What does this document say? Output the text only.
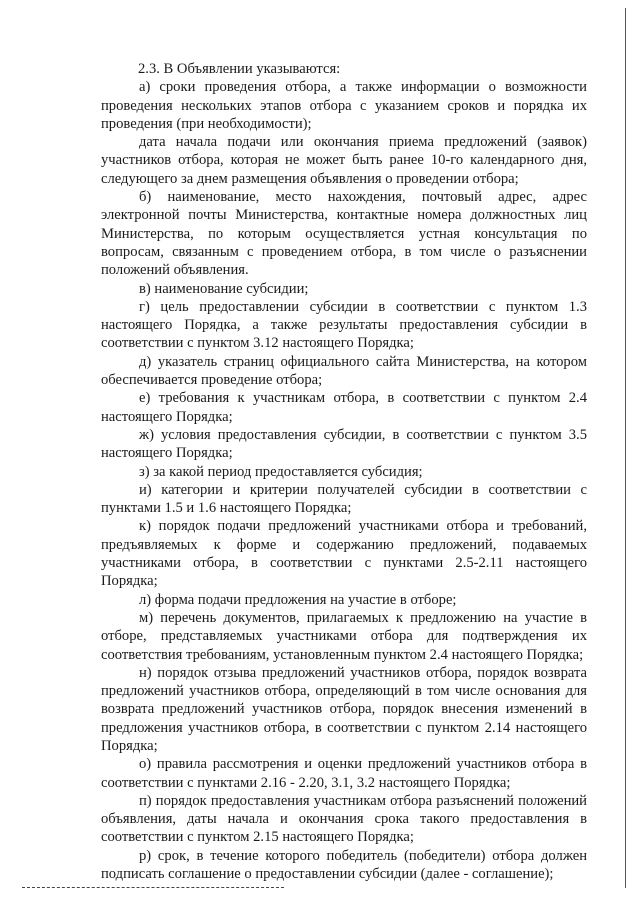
2.3. В Объявлении указываются:

а) сроки проведения отбора, а также информации о возможности проведения нескольких этапов отбора с указанием сроков и порядка их проведения (при необходимости);

дата начала подачи или окончания приема предложений (заявок) участников отбора, которая не может быть ранее 10-го календарного дня, следующего за днем размещения объявления о проведении отбора;

б) наименование, место нахождения, почтовый адрес, адрес электронной почты Министерства, контактные номера должностных лиц Министерства, по которым осуществляется устная консультация по вопросам, связанным с проведением отбора, в том числе о разъяснении положений объявления.

в) наименование субсидии;

г) цель предоставлении субсидии в соответствии с пунктом 1.3 настоящего Порядка, а также результаты предоставления субсидии в соответствии с пунктом 3.12 настоящего Порядка;

д) указатель страниц официального сайта Министерства, на котором обеспечивается проведение отбора;

е) требования к участникам отбора, в соответствии с пунктом 2.4 настоящего Порядка;

ж) условия предоставления субсидии, в соответствии с пунктом 3.5 настоящего Порядка;

з) за какой период предоставляется субсидия;

и) категории и критерии получателей субсидии в соответствии с пунктами 1.5 и 1.6 настоящего Порядка;

к) порядок подачи предложений участниками отбора и требований, предъявляемых к форме и содержанию предложений, подаваемых участниками отбора, в соответствии с пунктами 2.5-2.11 настоящего Порядка;

л) форма подачи предложения на участие в отборе;

м) перечень документов, прилагаемых к предложению на участие в отборе, представляемых участниками отбора для подтверждения их соответствия требованиям, установленным пунктом 2.4 настоящего Порядка;

н) порядок отзыва предложений участников отбора, порядок возврата предложений участников отбора, определяющий в том числе основания для возврата предложений участников отбора, порядок внесения изменений в предложения участников отбора, в соответствии с пунктом 2.14 настоящего Порядка;

о) правила рассмотрения и оценки предложений участников отбора в соответствии с пунктами 2.16 - 2.20, 3.1, 3.2 настоящего Порядка;

п) порядок предоставления участникам отбора разъяснений положений объявления, даты начала и окончания срока такого предоставления в соответствии с пунктом 2.15 настоящего Порядка;

р) срок, в течение которого победитель (победители) отбора должен подписать соглашение о предоставлении субсидии (далее - соглашение);
